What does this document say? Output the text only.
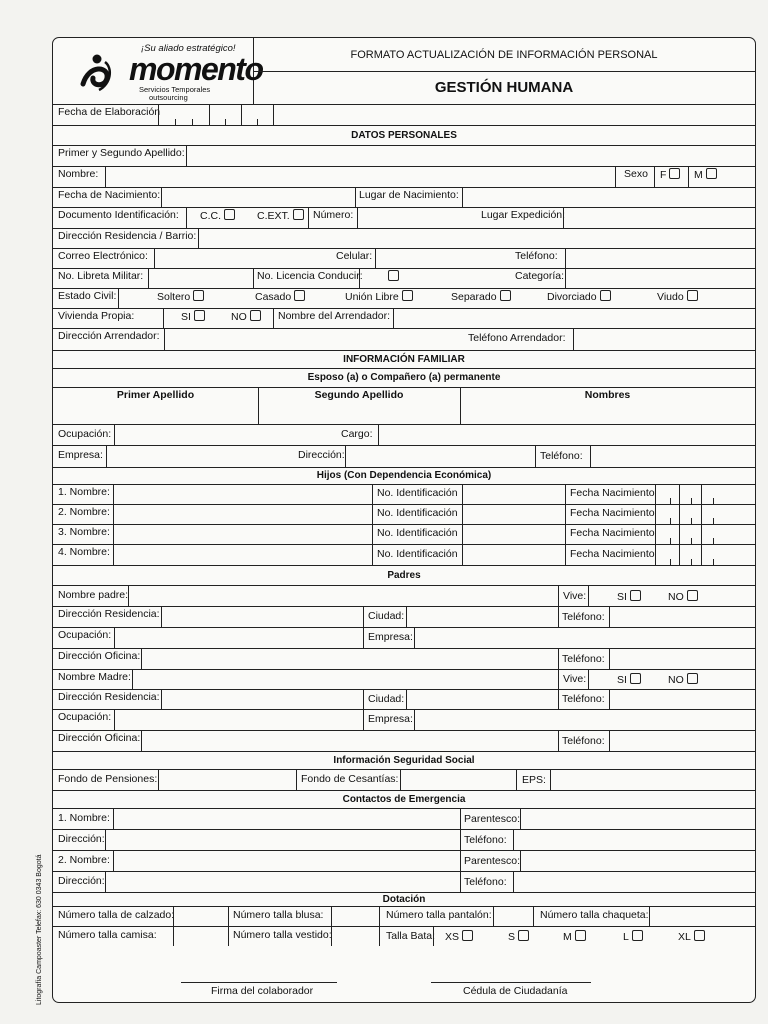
¡Su aliado estratégico!
momento
Servicios Temporales
outsourcing
FORMATO ACTUALIZACIÓN DE INFORMACIÓN PERSONAL
GESTIÓN HUMANA
Fecha de Elaboración
DATOS PERSONALES
Primer y Segundo Apellido:
Nombre:	Sexo F	M
Fecha de Nacimiento:	Lugar de Nacimiento:
Documento Identificación: C.C.	C.EXT.	Número:	Lugar Expedición:
Dirección Residencia / Barrio:
Correo Electrónico:	Celular:	Teléfono:
No. Libreta Militar:	No. Licencia Conducir:	Categoría:
Estado Civil:	Soltero	Casado	Unión Libre	Separado	Divorciado	Viudo
Vivienda Propia:	SI	NO	Nombre del Arrendador:
Dirección Arrendador:	Teléfono Arrendador:
INFORMACIÓN FAMILIAR
Esposo (a) o Compañero (a) permanente
Primer Apellido	Segundo Apellido	Nombres
Ocupación:	Cargo:
Empresa:	Dirección:	Teléfono:
Hijos (Con Dependencia Económica)
1. Nombre:	No. Identificación	Fecha Nacimiento
2. Nombre:	No. Identificación	Fecha Nacimiento
3. Nombre:	No. Identificación	Fecha Nacimiento
4. Nombre:	No. Identificación	Fecha Nacimiento
Padres
Nombre padre:	Vive:	SI	NO
Dirección Residencia:	Ciudad:	Teléfono:
Ocupación:	Empresa:
Dirección Oficina:	Teléfono:
Nombre Madre:	Vive:	SI	NO
Dirección Residencia:	Ciudad:	Teléfono:
Ocupación:	Empresa:
Dirección Oficina:	Teléfono:
Información Seguridad Social
Fondo de Pensiones:	Fondo de Cesantías:	EPS:
Contactos de Emergencia
1. Nombre:	Parentesco:
Dirección:	Teléfono:
2. Nombre:	Parentesco:
Dirección:	Teléfono:
Dotación
Número talla de calzado:	Número talla blusa:	Número talla pantalón:	Número talla chaqueta:
Número talla camisa:	Número talla vestido:	Talla Bata: XS	S	M	L	XL
Firma del colaborador	Cédula de Ciudadanía
Litografía Campoaster Telefax: 630 0343 Bogotá
